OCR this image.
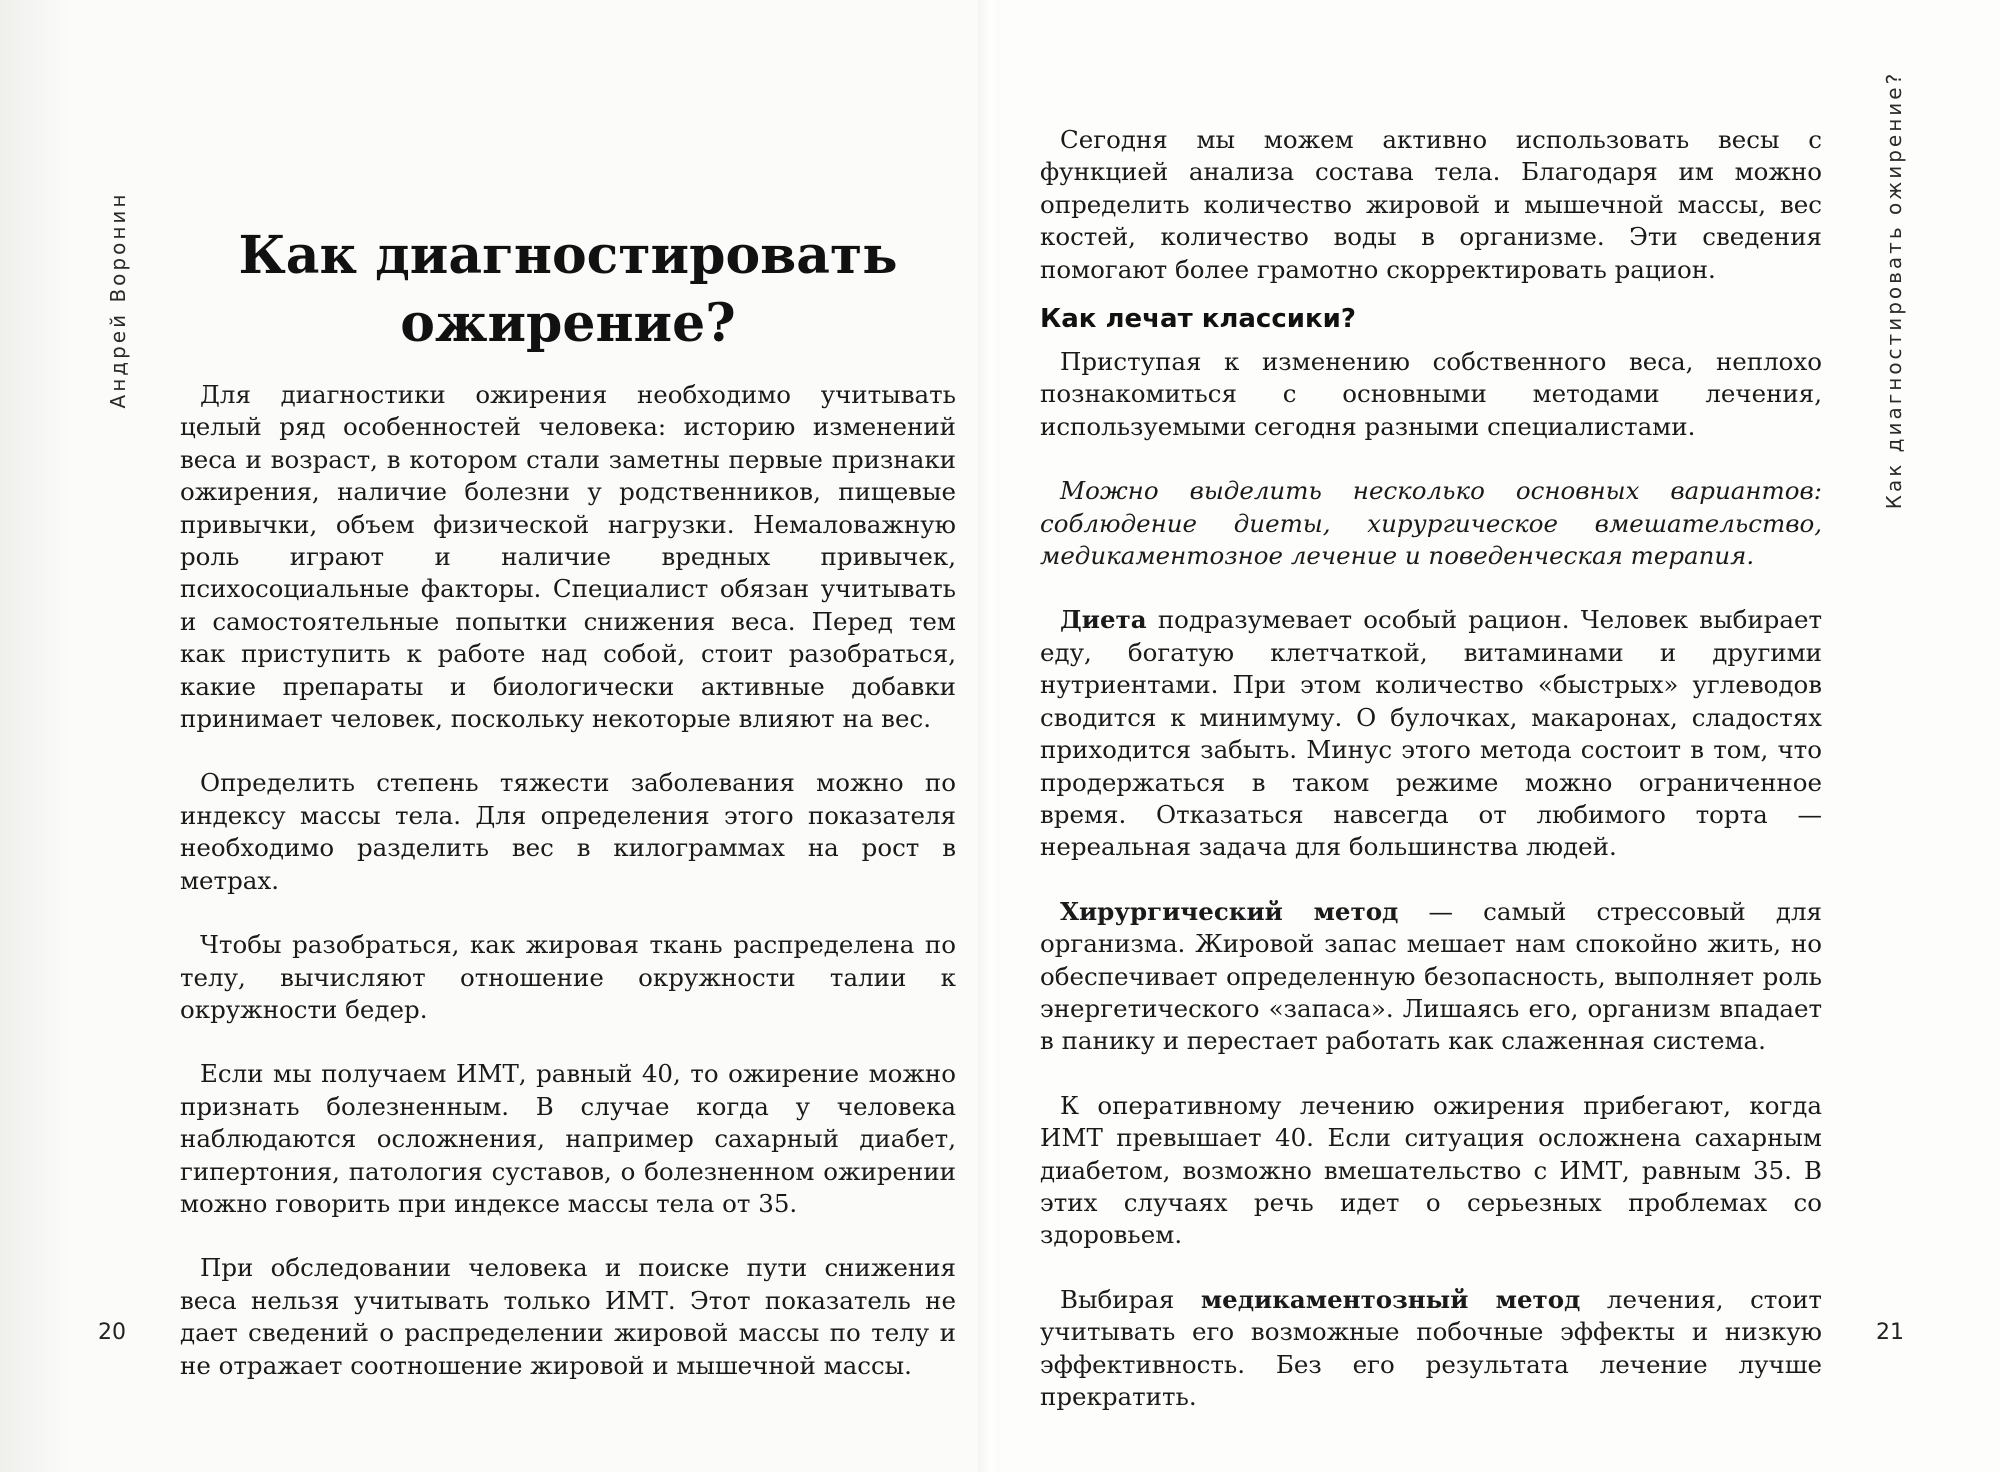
Андрей Воронин	Как диагностировать ожирение?

Для диагностики ожирения необходимо учитывать целый ряд особенностей человека: историю изменений веса и возраст, в котором стали заметны первые признаки ожирения, наличие болезни у родственников, пищевые привычки, объем физической нагрузки. Немаловажную роль играют и наличие вредных привычек, психосоциальные факторы. Специалист обязан учитывать и самостоятельные попытки снижения веса. Перед тем как приступить к работе над собой, стоит разобраться, какие препараты и биологически активные добавки принимает человек, поскольку некоторые влияют на вес.

Определить степень тяжести заболевания можно по индексу массы тела. Для определения этого показателя необходимо разделить вес в килограммах на рост в метрах.

Чтобы разобраться, как жировая ткань распределена по телу, вычисляют отношение окружности талии к окружности бедер.

Если мы получаем ИМТ, равный 40, то ожирение можно признать болезненным. В случае когда у человека наблюдаются осложнения, например сахарный диабет, гипертония, патология суставов, о болезненном ожирении можно говорить при индексе массы тела от 35.

При обследовании человека и поиске пути снижения веса нельзя учитывать только ИМТ. Этот показатель не дает сведений о распределении жировой массы по телу и не отражает соотношение жировой и мышечной массы.

20
Как диагностировать ожирение?

Сегодня мы можем активно использовать весы с функцией анализа состава тела. Благодаря им можно определить количество жировой и мышечной массы, вес костей, количество воды в организме. Эти сведения помогают более грамотно скорректировать рацион.

Как лечат классики?

Приступая к изменению собственного веса, неплохо познакомиться с основными методами лечения, используемыми сегодня разными специалистами.

Можно выделить несколько основных вариантов: соблюдение диеты, хирургическое вмешательство, медикаментозное лечение и поведенческая терапия.

Диета подразумевает особый рацион. Человек выбирает еду, богатую клетчаткой, витаминами и другими нутриентами. При этом количество «быстрых» углеводов сводится к минимуму. О булочках, макаронах, сладостях приходится забыть. Минус этого метода состоит в том, что продержаться в таком режиме можно ограниченное время. Отказаться навсегда от любимого торта — нереальная задача для большинства людей.

Хирургический метод — самый стрессовый для организма. Жировой запас мешает нам спокойно жить, но обеспечивает определенную безопасность, выполняет роль энергетического «запаса». Лишаясь его, организм впадает в панику и перестает работать как слаженная система.

К оперативному лечению ожирения прибегают, когда ИМТ превышает 40. Если ситуация осложнена сахарным диабетом, возможно вмешательство с ИМТ, равным 35. В этих случаях речь идет о серьезных проблемах со здоровьем.

Выбирая медикаментозный метод лечения, стоит учитывать его возможные побочные эффекты и низкую эффективность. Без его результата лечение лучше прекратить.

21
